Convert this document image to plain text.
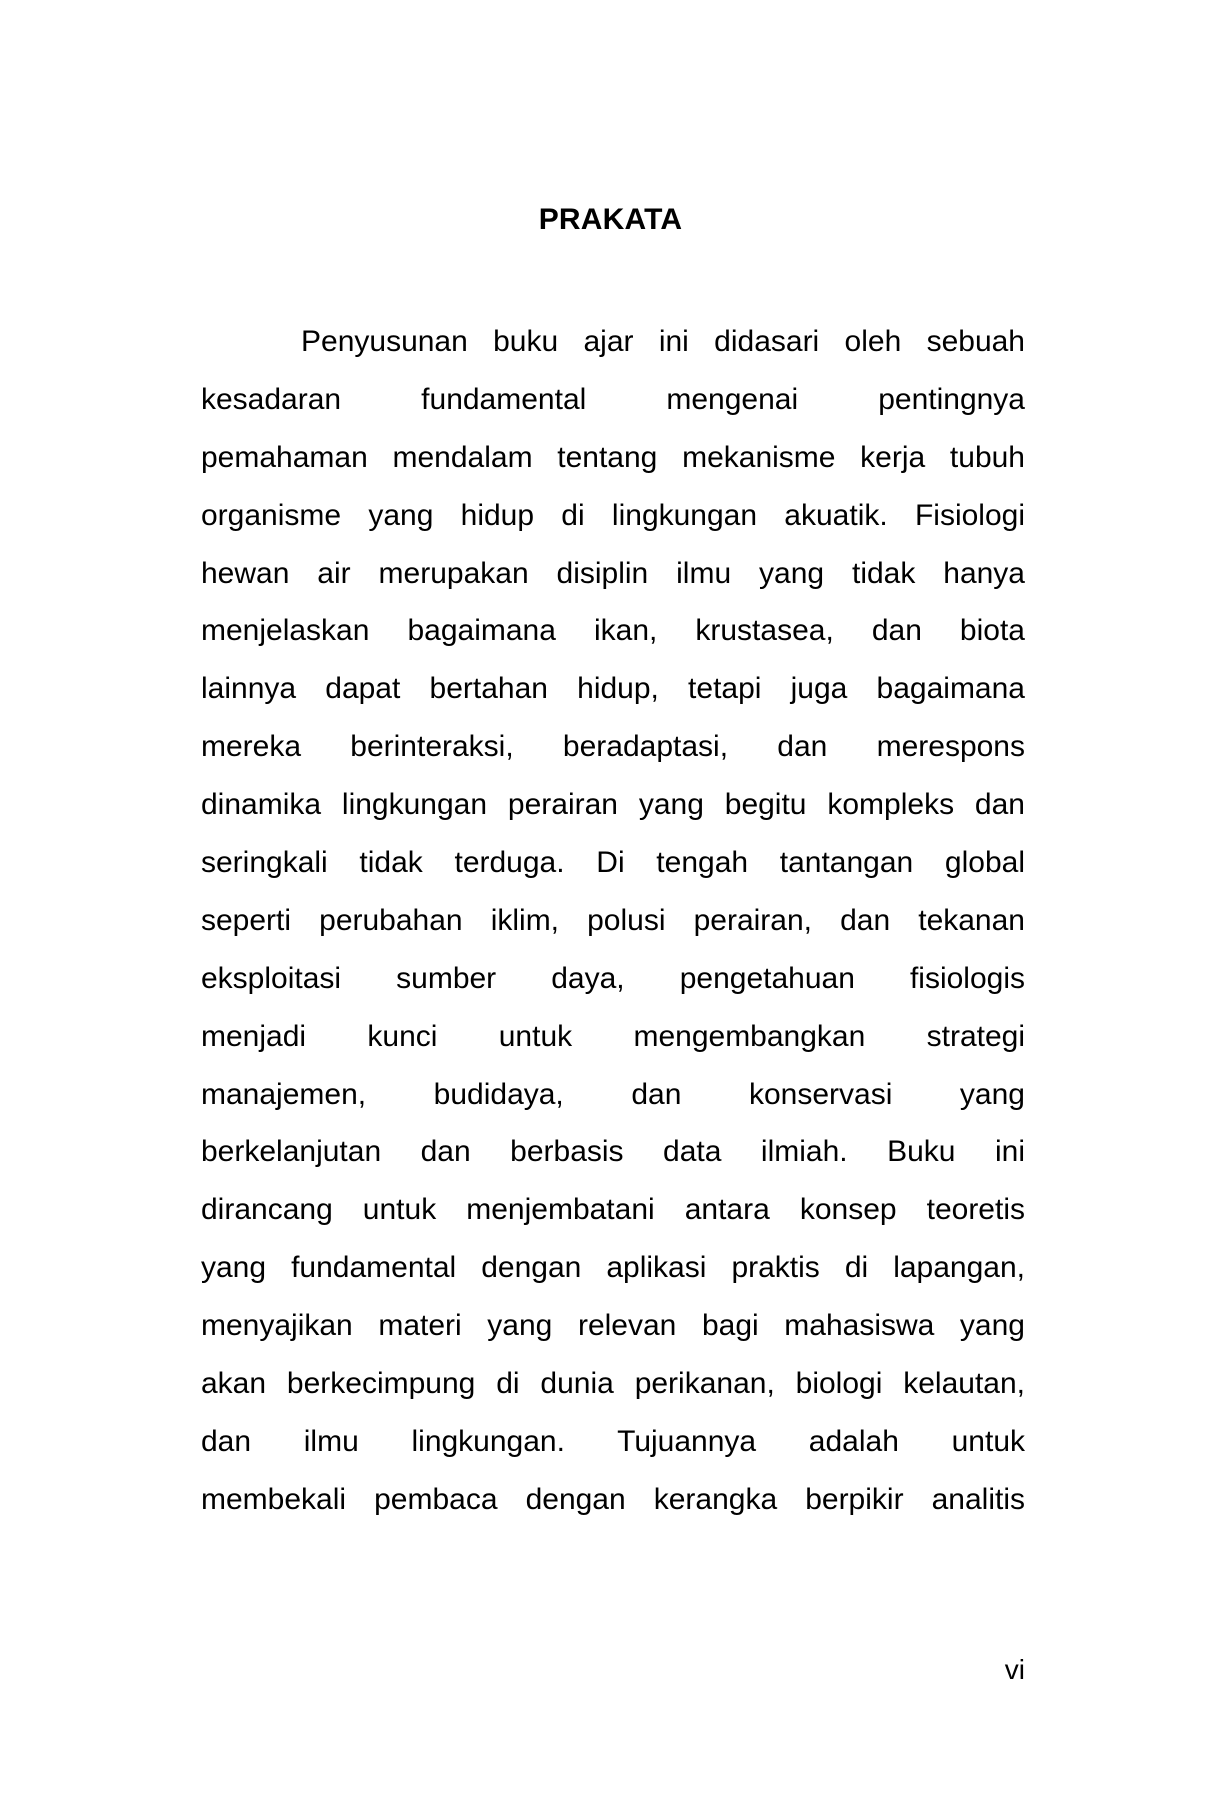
PRAKATA
Penyusunan buku ajar ini didasari oleh sebuah
kesadaran fundamental mengenai pentingnya
pemahaman mendalam tentang mekanisme kerja tubuh
organisme yang hidup di lingkungan akuatik. Fisiologi
hewan air merupakan disiplin ilmu yang tidak hanya
menjelaskan bagaimana ikan, krustasea, dan biota
lainnya dapat bertahan hidup, tetapi juga bagaimana
mereka berinteraksi, beradaptasi, dan merespons
dinamika lingkungan perairan yang begitu kompleks dan
seringkali tidak terduga. Di tengah tantangan global
seperti perubahan iklim, polusi perairan, dan tekanan
eksploitasi sumber daya, pengetahuan fisiologis
menjadi kunci untuk mengembangkan strategi
manajemen, budidaya, dan konservasi yang
berkelanjutan dan berbasis data ilmiah. Buku ini
dirancang untuk menjembatani antara konsep teoretis
yang fundamental dengan aplikasi praktis di lapangan,
menyajikan materi yang relevan bagi mahasiswa yang
akan berkecimpung di dunia perikanan, biologi kelautan,
dan ilmu lingkungan. Tujuannya adalah untuk
membekali pembaca dengan kerangka berpikir analitis
vi
